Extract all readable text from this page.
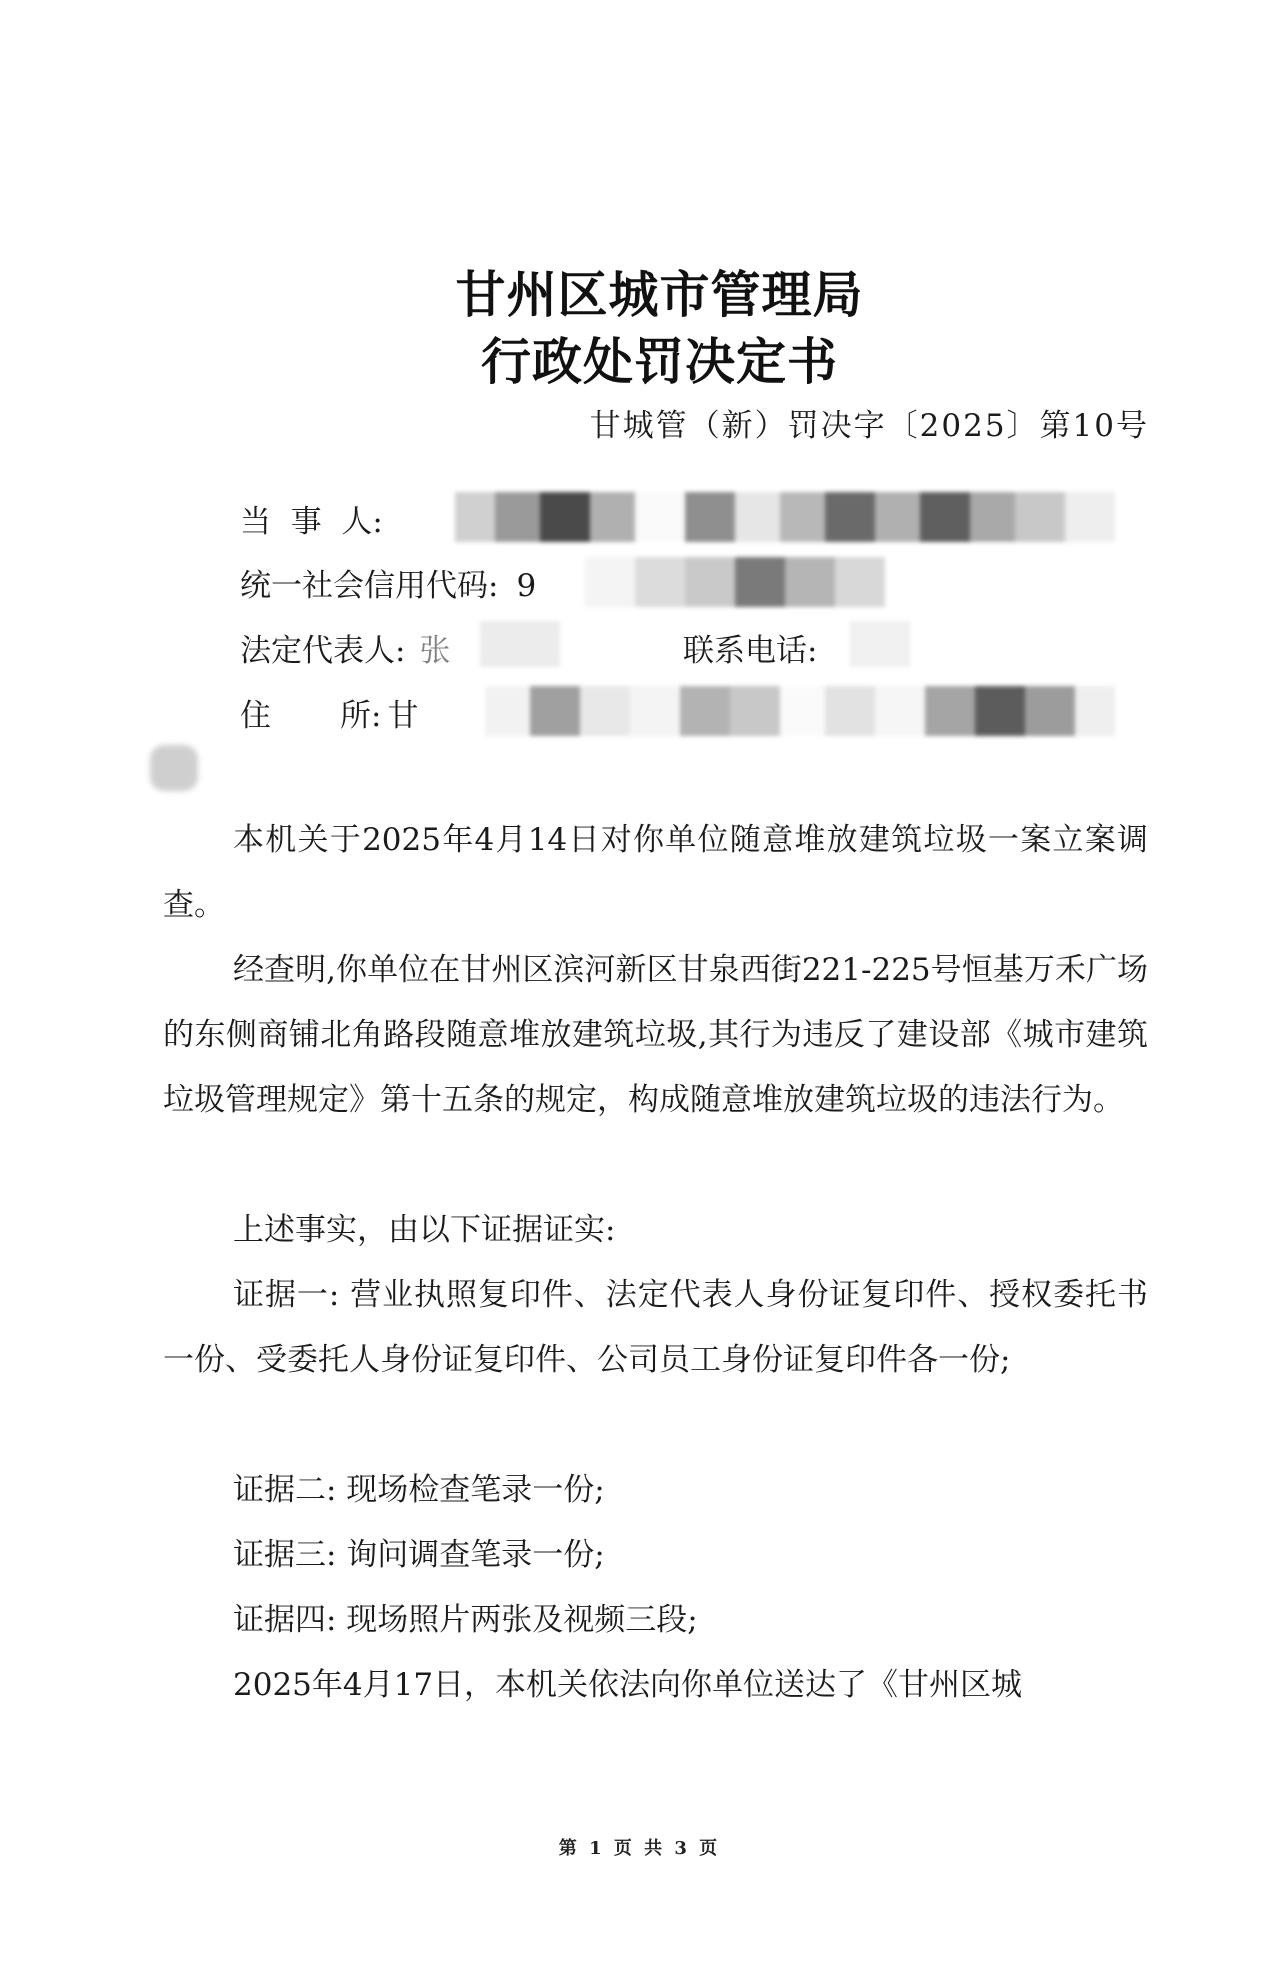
甘州区城市管理局
行政处罚决定书
甘城管（新）罚决字〔2025〕第10号
当  事  人:
统一社会信用代码: 9
法定代表人: 张	联系电话:
住       所: 甘

本机关于2025年4月14日对你单位随意堆放建筑垃圾一案立案调查。

经查明,你单位在甘州区滨河新区甘泉西街221-225号恒基万禾广场的东侧商铺北角路段随意堆放建筑垃圾,其行为违反了建设部《城市建筑垃圾管理规定》第十五条的规定，构成随意堆放建筑垃圾的违法行为。

上述事实，由以下证据证实:

证据一: 营业执照复印件、法定代表人身份证复印件、授权委托书一份、受委托人身份证复印件、公司员工身份证复印件各一份;

证据二: 现场检查笔录一份;

证据三: 询问调查笔录一份;

证据四: 现场照片两张及视频三段;

2025年4月17日，本机关依法向你单位送达了《甘州区城

第 1 页 共 3 页
